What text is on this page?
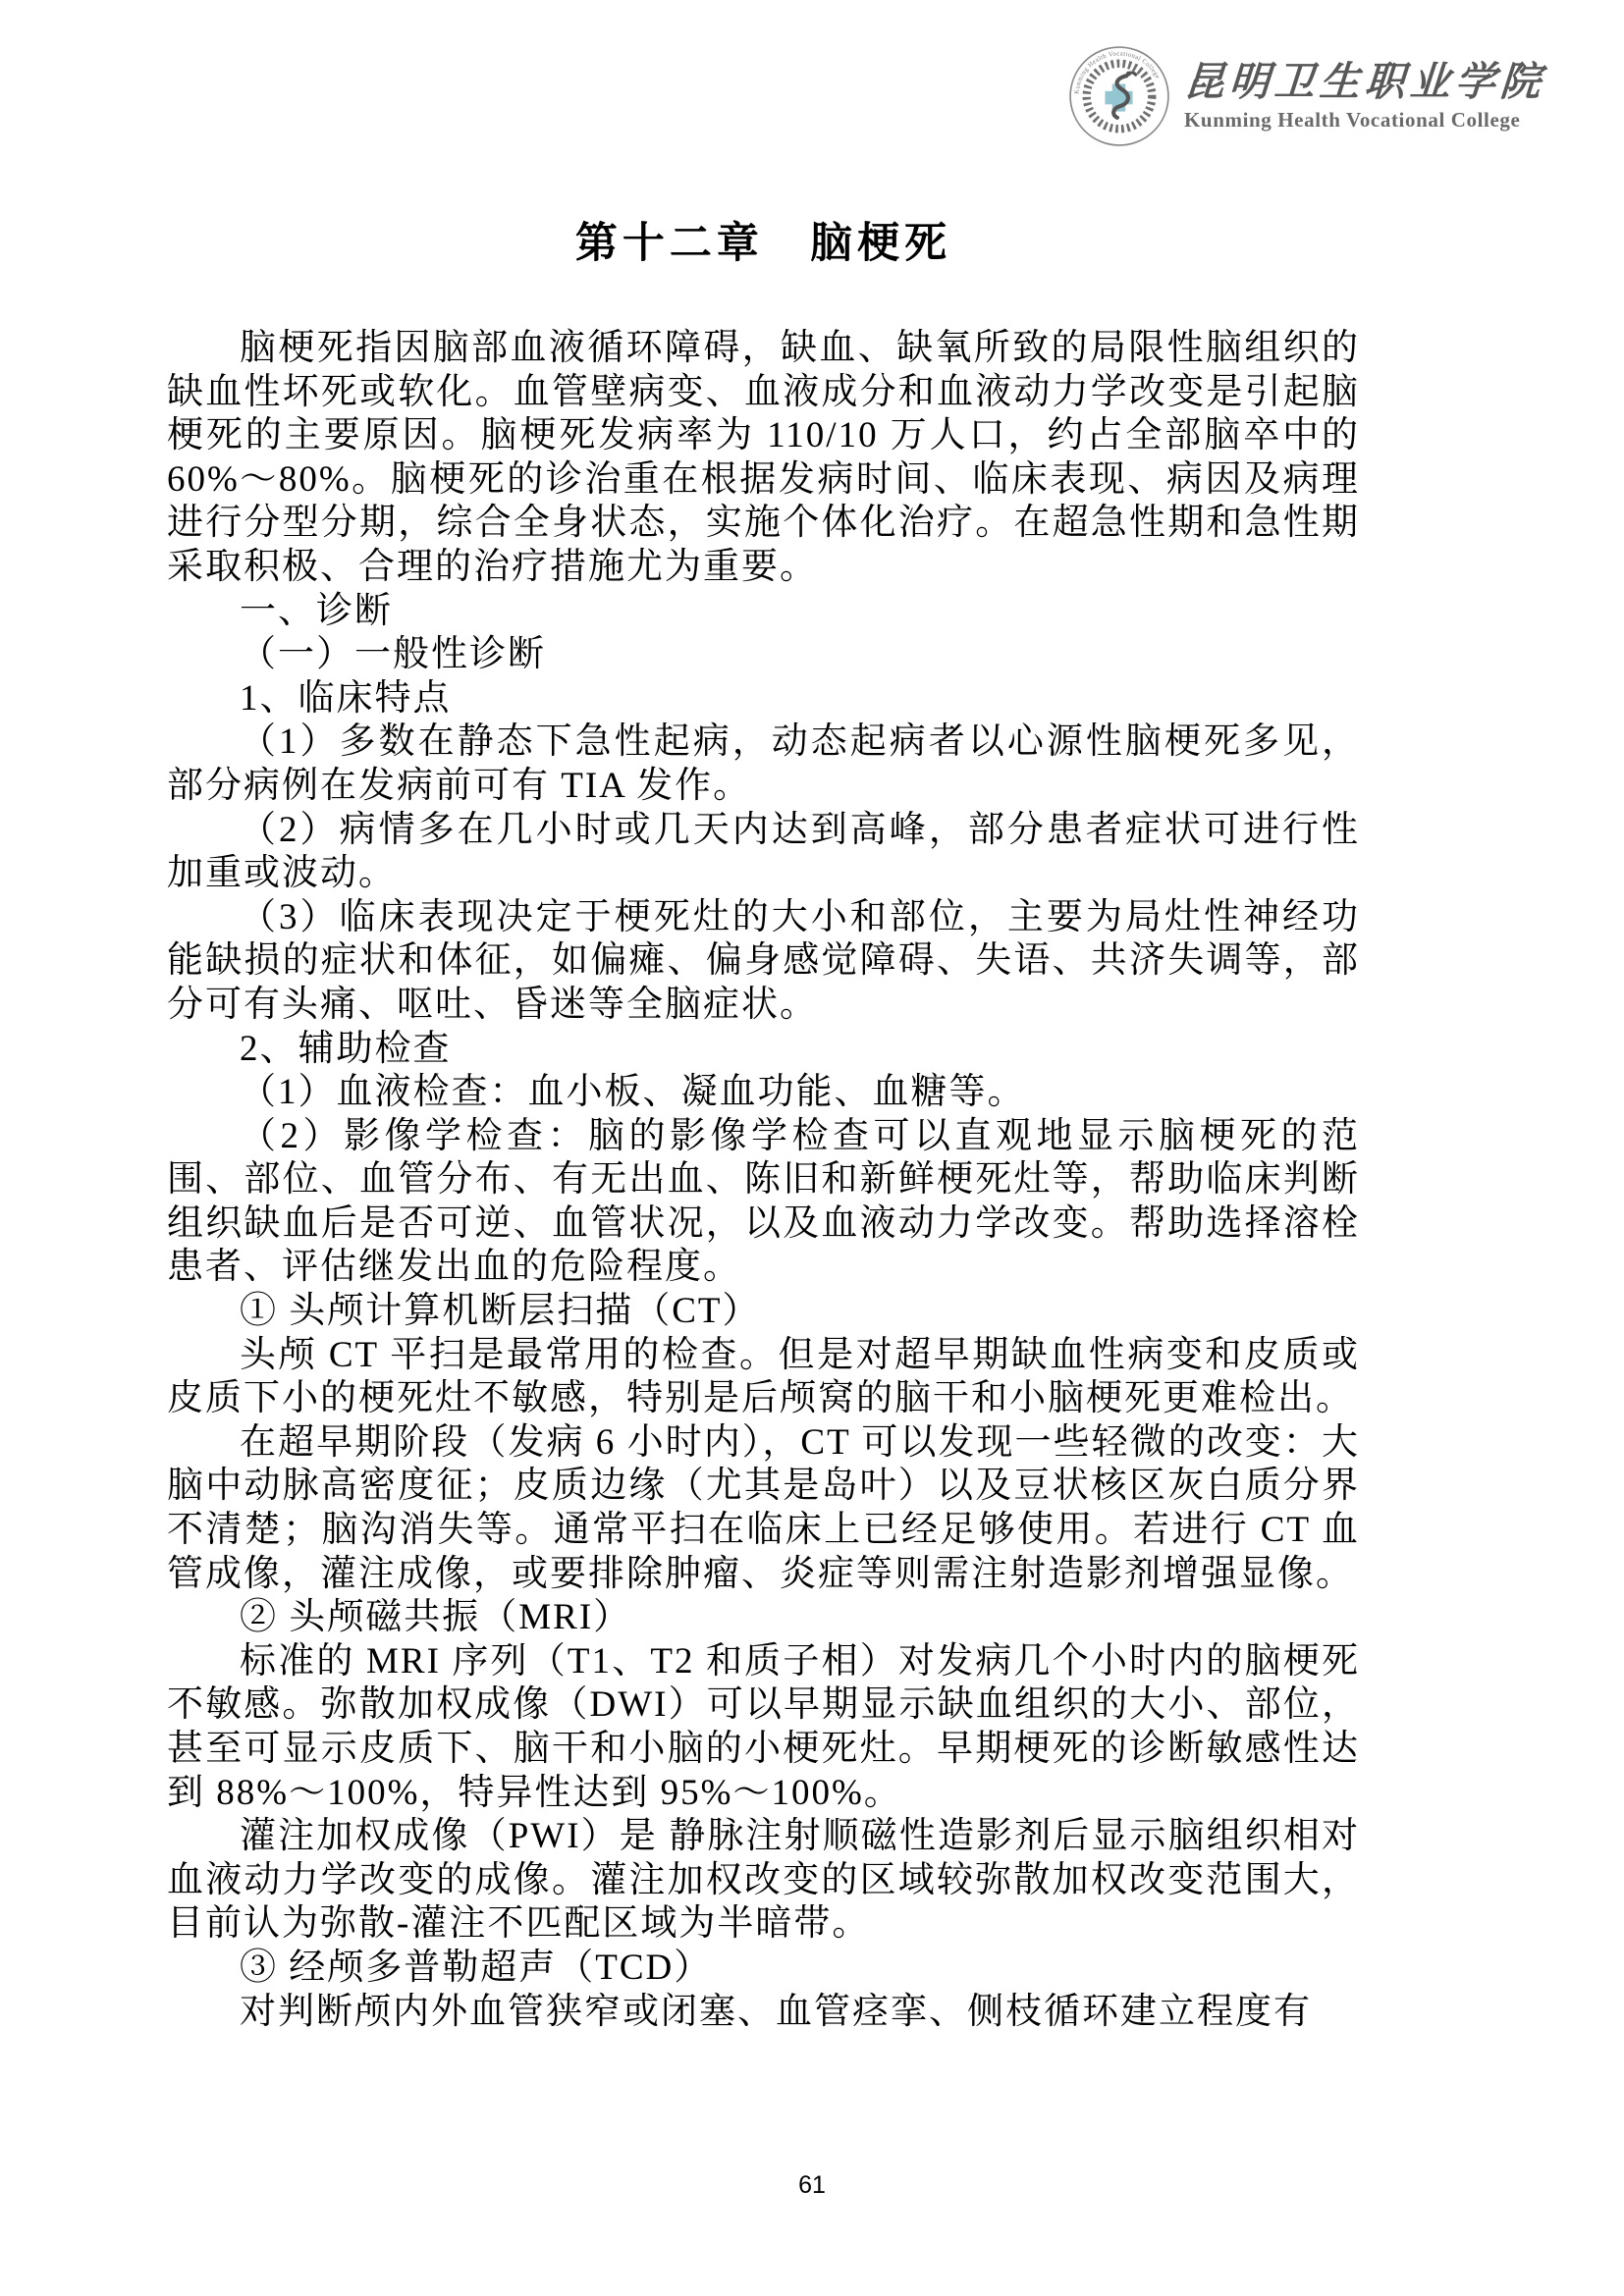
Kunming Health Vocational College 昆明卫生职业学院
Kunming Health Vocational College
第十二章 脑梗死

脑梗死指因脑部血液循环障碍，缺血、缺氧所致的局限性脑组织的缺血性坏死或软化。血管壁病变、血液成分和血液动力学改变是引起脑梗死的主要原因。脑梗死发病率为 110/10 万人口，约占全部脑卒中的 60%～80%。脑梗死的诊治重在根据发病时间、临床表现、病因及病理进行分型分期，综合全身状态，实施个体化治疗。在超急性期和急性期采取积极、合理的治疗措施尤为重要。

一、诊断

（一）一般性诊断

1、临床特点

（1）多数在静态下急性起病，动态起病者以心源性脑梗死多见，部分病例在发病前可有 TIA 发作。

（2）病情多在几小时或几天内达到高峰，部分患者症状可进行性加重或波动。

（3）临床表现决定于梗死灶的大小和部位，主要为局灶性神经功能缺损的症状和体征，如偏瘫、偏身感觉障碍、失语、共济失调等，部分可有头痛、呕吐、昏迷等全脑症状。

2、辅助检查

（1）血液检查：血小板、凝血功能、血糖等。

（2）影像学检查：脑的影像学检查可以直观地显示脑梗死的范围、部位、血管分布、有无出血、陈旧和新鲜梗死灶等，帮助临床判断组织缺血后是否可逆、血管状况，以及血液动力学改变。帮助选择溶栓患者、评估继发出血的危险程度。

① 头颅计算机断层扫描（CT）

头颅 CT 平扫是最常用的检查。但是对超早期缺血性病变和皮质或皮质下小的梗死灶不敏感，特别是后颅窝的脑干和小脑梗死更难检出。

在超早期阶段（发病 6 小时内），CT 可以发现一些轻微的改变：大脑中动脉高密度征；皮质边缘（尤其是岛叶）以及豆状核区灰白质分界不清楚；脑沟消失等。通常平扫在临床上已经足够使用。若进行 CT 血管成像，灌注成像，或要排除肿瘤、炎症等则需注射造影剂增强显像。

② 头颅磁共振（MRI）

标准的 MRI 序列（T1、T2 和质子相）对发病几个小时内的脑梗死不敏感。弥散加权成像（DWI）可以早期显示缺血组织的大小、部位，甚至可显示皮质下、脑干和小脑的小梗死灶。早期梗死的诊断敏感性达到 88%～100%，特异性达到 95%～100%。

灌注加权成像（PWI）是 静脉注射顺磁性造影剂后显示脑组织相对血液动力学改变的成像。灌注加权改变的区域较弥散加权改变范围大，目前认为弥散-灌注不匹配区域为半暗带。

③ 经颅多普勒超声（TCD）

对判断颅内外血管狭窄或闭塞、血管痉挛、侧枝循环建立程度有

61
